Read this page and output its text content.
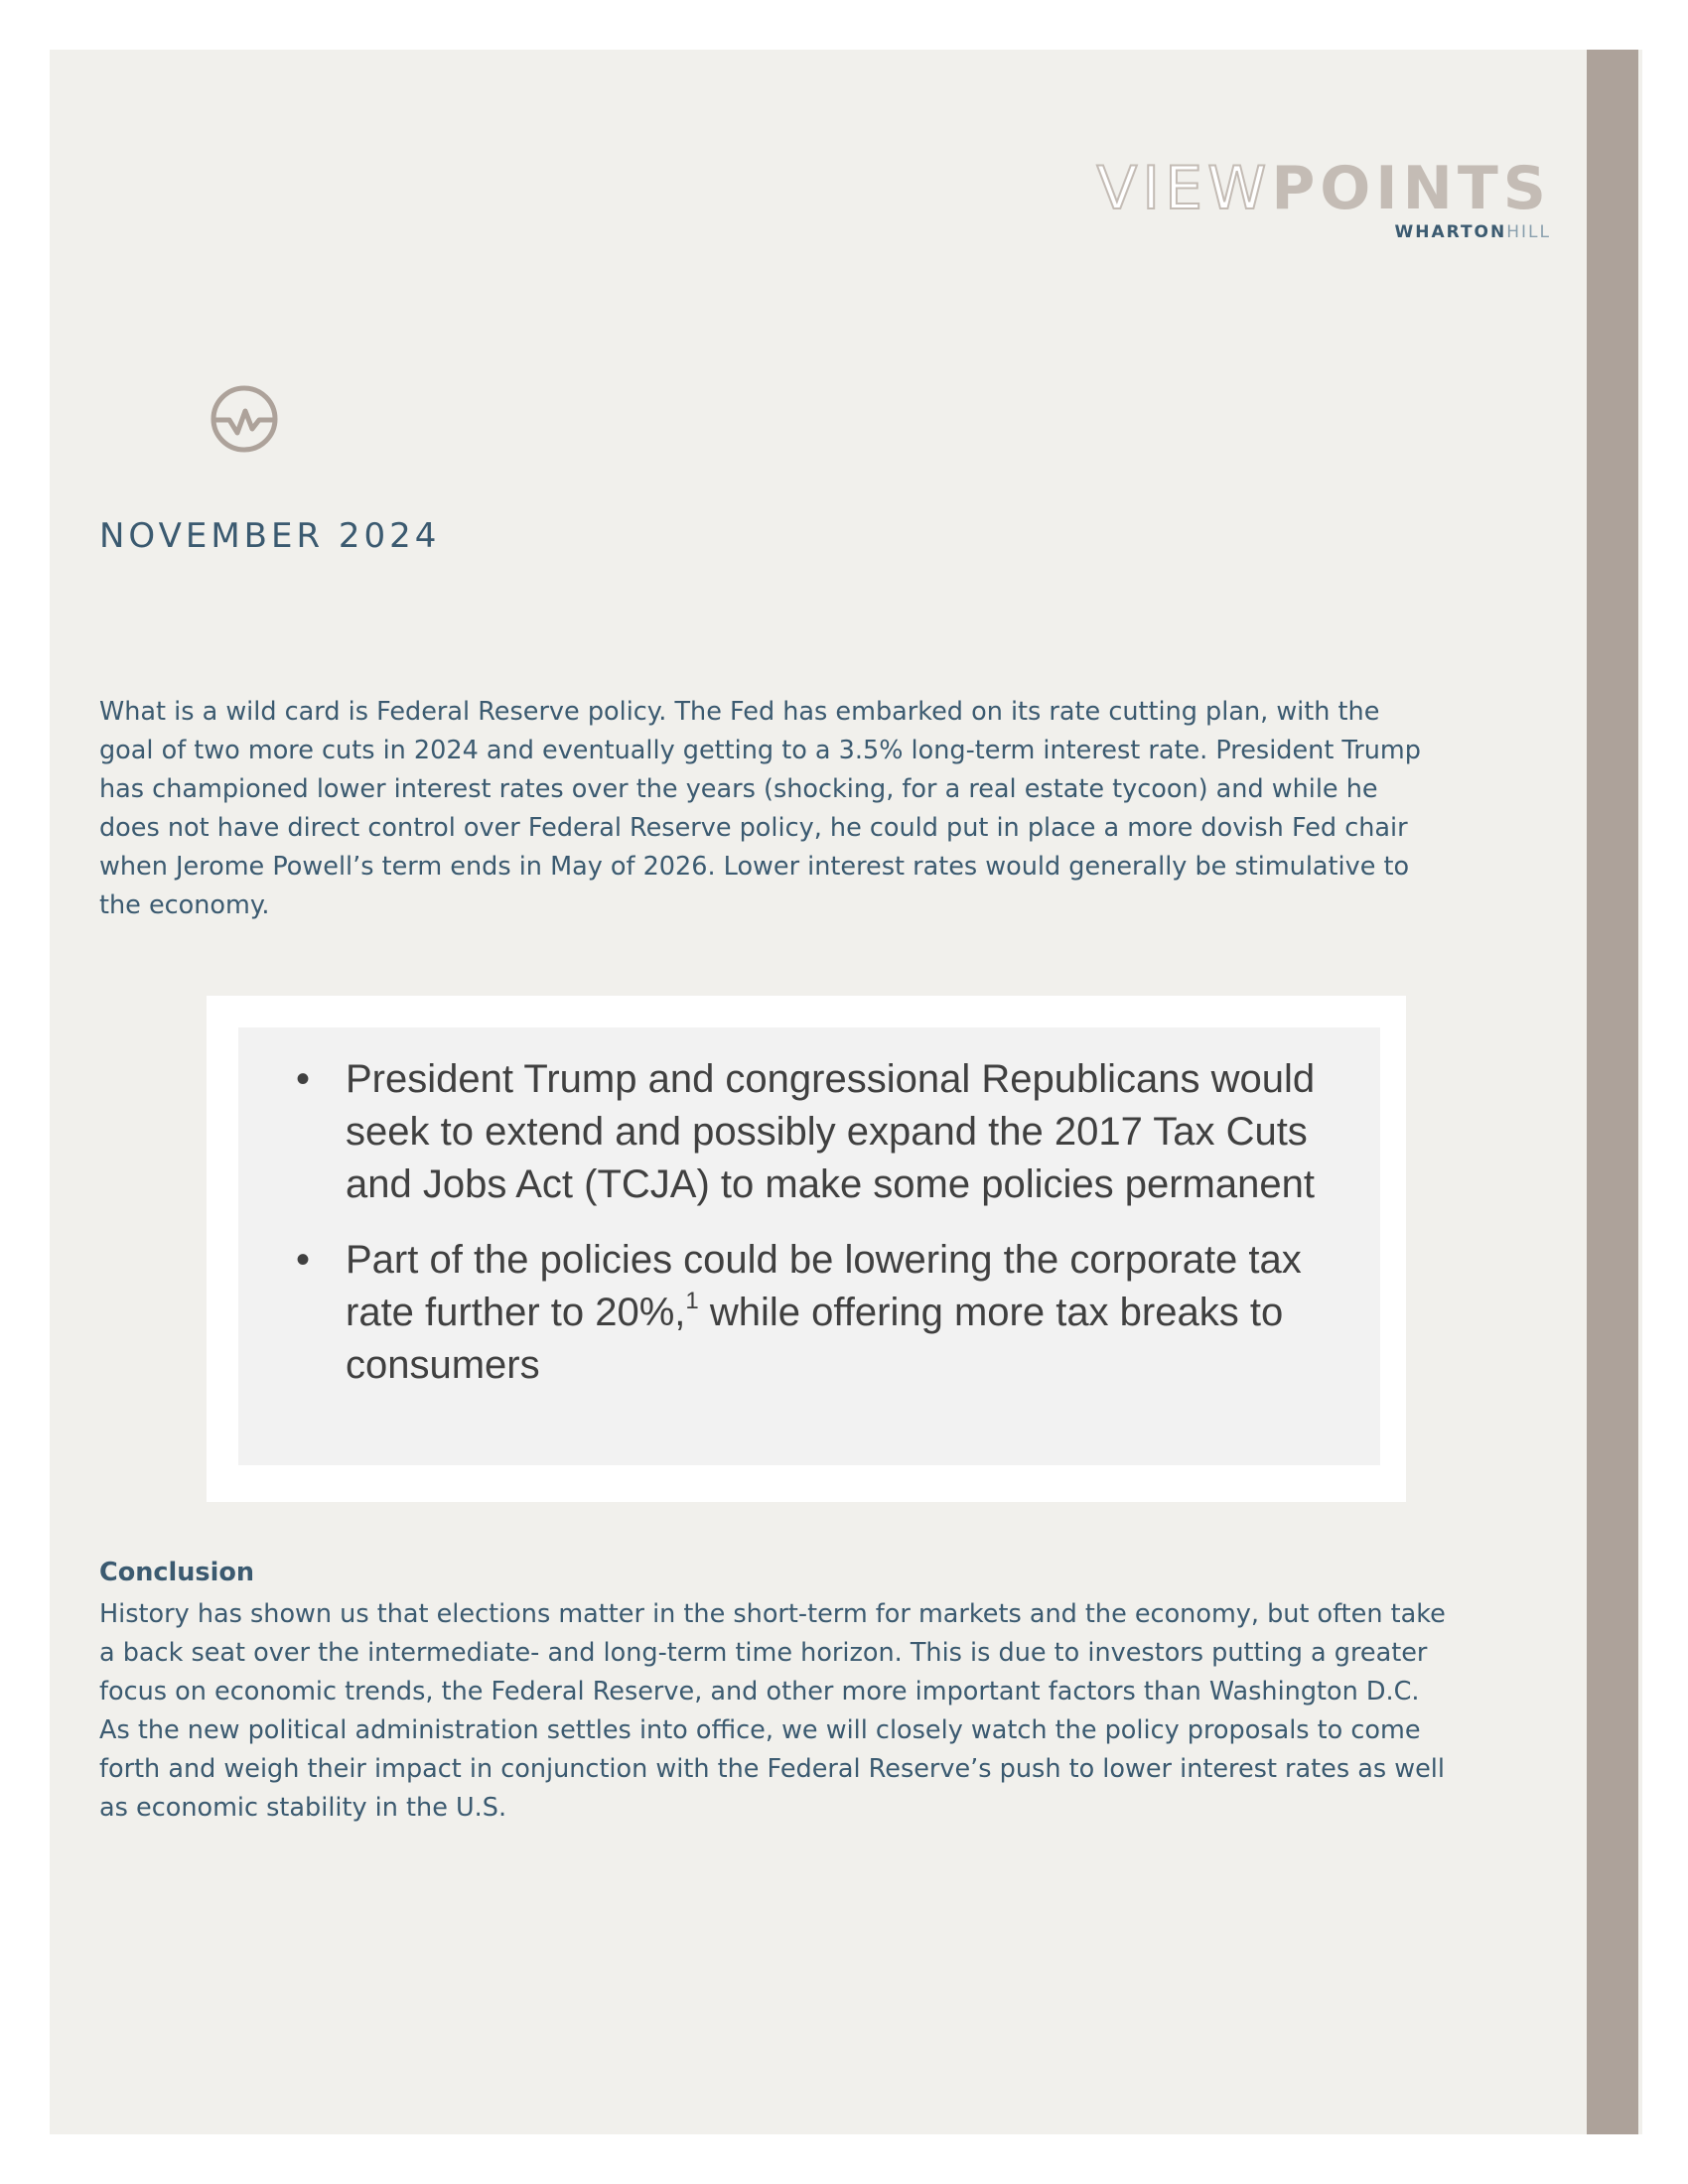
VIEWPOINTS
WHARTONHILL
NOVEMBER 2024

What is a wild card is Federal Reserve policy. The Fed has embarked on its rate cutting plan, with the goal of two more cuts in 2024 and eventually getting to a 3.5% long-term interest rate. President Trump has championed lower interest rates over the years (shocking, for a real estate tycoon) and while he does not have direct control over Federal Reserve policy, he could put in place a more dovish Fed chair when Jerome Powell’s term ends in May of 2026. Lower interest rates would generally be stimulative to the economy.

• President Trump and congressional Republicans would seek to extend and possibly expand the 2017 Tax Cuts and Jobs Act (TCJA) to make some policies permanent
• Part of the policies could be lowering the corporate tax rate further to 20%,$^1$ while offering more tax breaks to consumers
Conclusion

History has shown us that elections matter in the short-term for markets and the economy, but often take a back seat over the intermediate- and long-term time horizon. This is due to investors putting a greater focus on economic trends, the Federal Reserve, and other more important factors than Washington D.C. As the new political administration settles into office, we will closely watch the policy proposals to come forth and weigh their impact in conjunction with the Federal Reserve’s push to lower interest rates as well as economic stability in the U.S.
